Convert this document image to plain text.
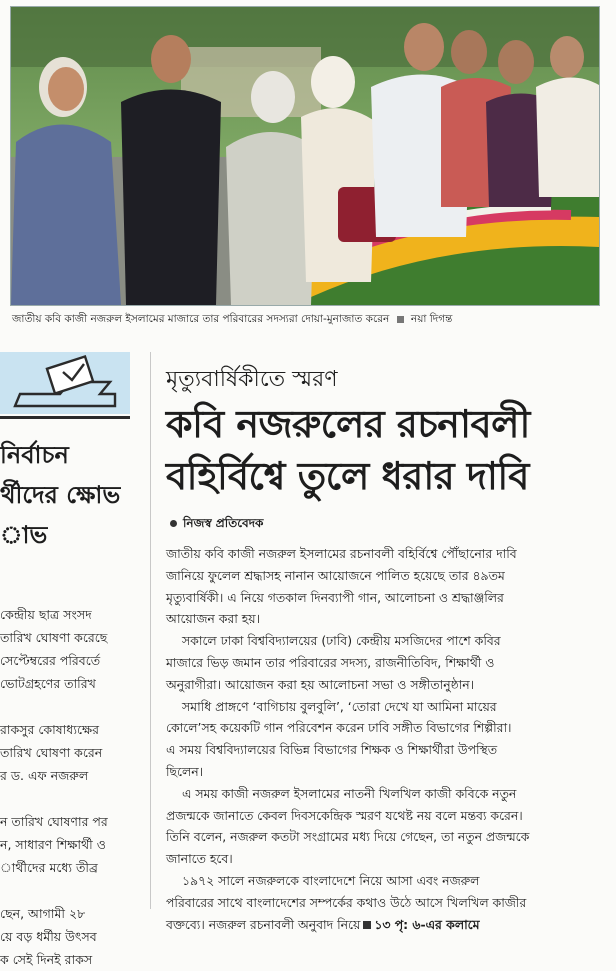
জাতীয় কবি কাজী নজরুল ইসলামের মাজারে তার পরিবারের সদস্যরা দোয়া-মুনাজাত করেন নয়া দিগন্ত
নির্বাচন
র্থীদের ক্ষোভ
াভ
কেন্দ্রীয় ছাত্র সংসদ
তারিখ ঘোষণা করেছে
সেপ্টেম্বরের পরিবর্তে
ভোটগ্রহণের তারিখ
রাকসুর কোষাধ্যক্ষের
তারিখ ঘোষণা করেন
র ড. এফ নজরুল
ন তারিখ ঘোষণার পর
ন, সাধারণ শিক্ষার্থী ও
ার্থীদের মধ্যে তীব্র
ছেন, আগামী ২৮
য়ে বড় ধর্মীয় উৎসব
ক সেই দিনই রাকস
মৃত্যুবার্ষিকীতে স্মরণ
কবি নজরুলের রচনাবলী
বহির্বিশ্বে তুলে ধরার দাবি
নিজস্ব প্রতিবেদক
জাতীয় কবি কাজী নজরুল ইসলামের রচনাবলী বহির্বিশ্বে পৌঁছানোর দাবি
জানিয়ে ফুলেল শ্রদ্ধাসহ নানান আয়োজনে পালিত হয়েছে তার ৪৯তম
মৃত্যুবার্ষিকী। এ নিয়ে গতকাল দিনব্যাপী গান, আলোচনা ও শ্রদ্ধাঞ্জলির
আয়োজন করা হয়।
সকালে ঢাকা বিশ্ববিদ্যালয়ের (ঢাবি) কেন্দ্রীয় মসজিদের পাশে কবির
মাজারে ভিড় জমান তার পরিবারের সদস্য, রাজনীতিবিদ, শিক্ষার্থী ও
অনুরাগীরা। আয়োজন করা হয় আলোচনা সভা ও সঙ্গীতানুষ্ঠান।
সমাধি প্রাঙ্গণে ‘বাগিচায় বুলবুলি’, ‘তোরা দেখে যা আমিনা মায়ের
কোলে’সহ কয়েকটি গান পরিবেশন করেন ঢাবি সঙ্গীত বিভাগের শিল্পীরা।
এ সময় বিশ্ববিদ্যালয়ের বিভিন্ন বিভাগের শিক্ষক ও শিক্ষার্থীরা উপস্থিত
ছিলেন।
এ সময় কাজী নজরুল ইসলামের নাতনী খিলখিল কাজী কবিকে নতুন
প্রজন্মকে জানাতে কেবল দিবসকেন্দ্রিক স্মরণ যথেষ্ট নয় বলে মন্তব্য করেন।
তিনি বলেন, নজরুল কতটা সংগ্রামের মধ্য দিয়ে গেছেন, তা নতুন প্রজন্মকে
জানাতে হবে।
১৯৭২ সালে নজরুলকে বাংলাদেশে নিয়ে আসা এবং নজরুল
পরিবারের সাথে বাংলাদেশের সম্পর্কের কথাও উঠে আসে খিলখিল কাজীর
বক্তব্যে। নজরুল রচনাবলী অনুবাদ নিয়ে ১৩ পৃ: ৬-এর কলামে
